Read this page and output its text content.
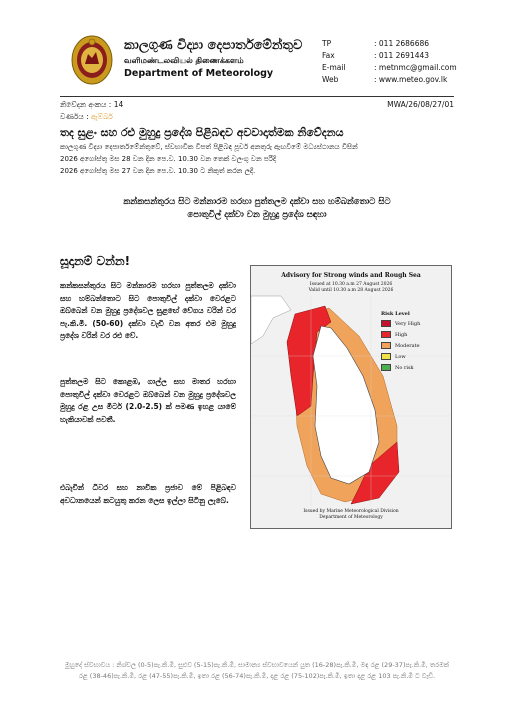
කාලගුණ විද්‍යා දෙපාර්තමේන්තුව
வளிமண்டலவியல் திணைக்களம்
Department of Meteorology
TP	: 011 2686686
Fax	: 011 2691443
E-mail	: metnmc@gmail.com
Web	: www.meteo.gov.lk
නිවේදන අංකය : 14	MWA/26/08/27/01
වර්ණය : ඇම්බර්
තද සුළං සහ රළු මුහුදු ප්‍රදේශ පිළිබඳව අවවාදාත්මක නිවේදනය
කාලගුණ විද්‍යා දෙපාර්තමේන්තුවේ, ස්වභාවික විපත් පිළිබඳ පූර්ව අනතුරු ඇඟවීමේ මධ්‍යස්ථානය විසින්
2026 අගෝස්තු මස 28 වන දින පෙ.ව. 10.30 වන තෙක් වලංගු වන පරිදි
2026 අගෝස්තු මස 27 වන දින පෙ.ව. 10.30 ට නිකුත් කරන ලදී.
කන්කසන්තුරය සිට මන්නාරම හරහා පුත්තලම දක්වා සහ හම්බන්තොට සිට
පොතුවිල් දක්වා වන මුහුදු ප්‍රදේශ සඳහා
සූදානම් වන්න!
කන්කසන්තුරය සිට මන්නාරම හරහා පුත්තලම දක්වා සහ හම්බන්තොට සිට පොතුවිල් දක්වා වෙරළට ඔබ්බෙන් වන මුහුදු ප්‍රදේශවල සුළඟේ වේගය වරින් වර පැ.කි.මී. (50-60) දක්වා වැඩි වන අතර එම මුහුදු ප්‍රදේශ වරින් වර රළු වේ.
පුත්තලම සිට කොළඹ, ගාල්ල සහ මාතර හරහා පොතුවිල් දක්වා වෙරළට ඔබ්බෙන් වන මුහුදු ප්‍රදේශවල මුහුදු රළ උස මීටර් (2.0-2.5) ක් පමණ ඉහළ යාමේ හැකියාවක් පවතී.
එබැවින් ධීවර සහ නාවික ප්‍රජාව මේ පිළිබඳව අවධානයෙන් කටයුතු කරන ලෙස ඉල්ලා සිටිනු ලැබේ.
Advisory for Strong winds and Rough Sea
Issued at 10.30 a.m 27 August 2026
Valid until 10.30 a.m 28 August 2026
Risk Level
Very High
High
Moderate
Low
No risk
Issued by Marine Meteorological Division
Department of Meteorology
මුහුදේ ස්වභාවය : නිශ්චල (0-5)පැ.කි.මී, සුළුව (5-15)පැ.කි.මී, සාමාන්‍ය ස්වභාවයෙන් යුත (16-28)පැ.කි.මී, මඳ රළ (29-37)පැ.කි.මී, තරමක් රළ (38-46)පැ.කි.මී, රළ (47-55)පැ.කි.මී, ඉතා රළ (56-74)පැ.කි.මී, දළ රළ (75-102)පැ.කි.මී, ඉතා දළ රළ 103 පැ.කි.මී ට වැඩි.
